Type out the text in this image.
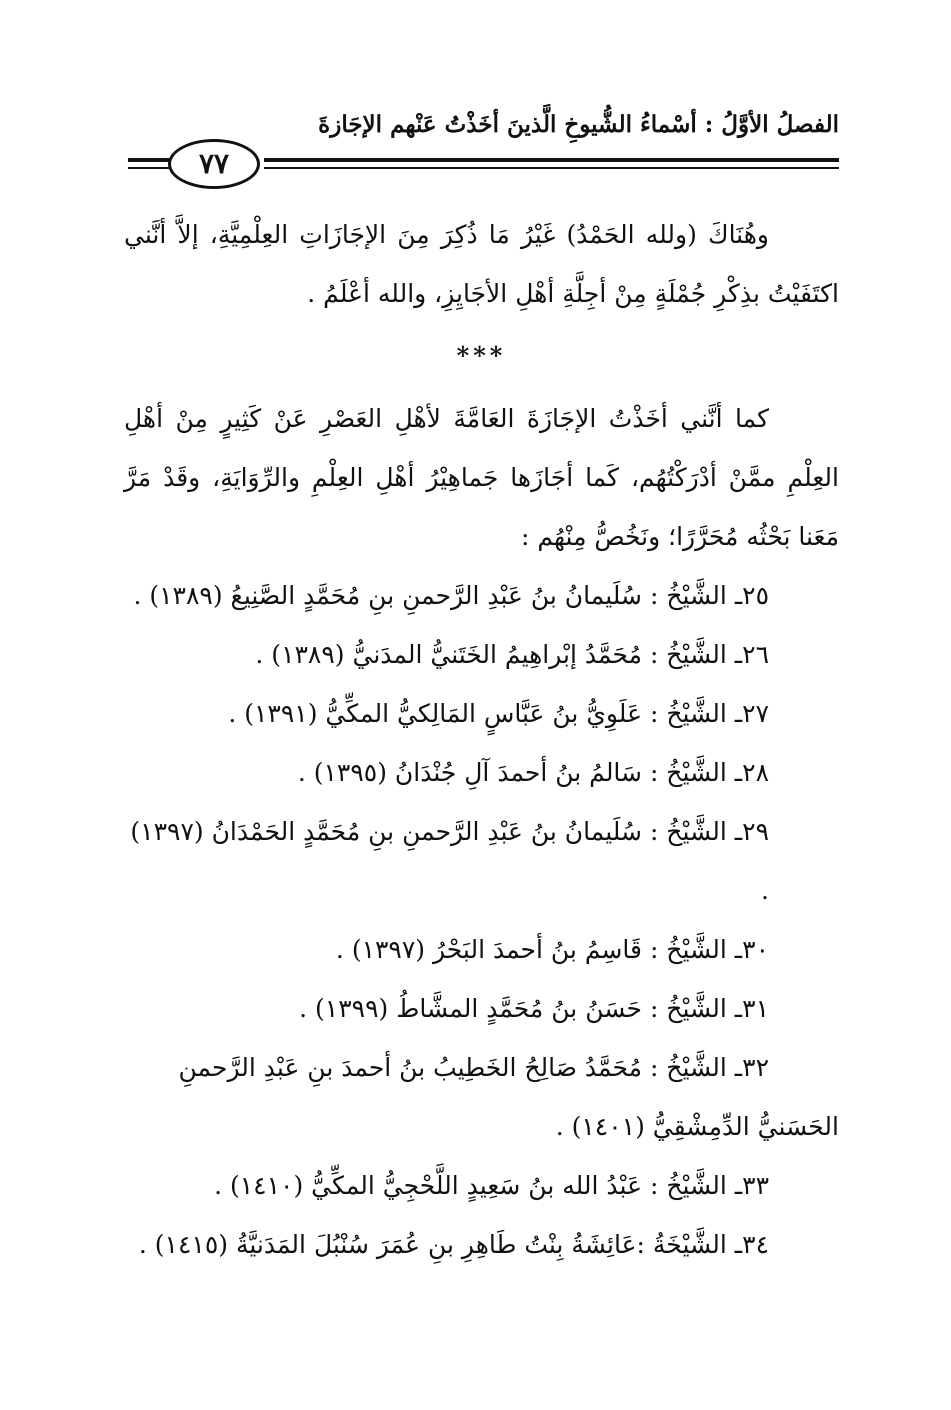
الفصلُ الأوَّلُ : أسْماءُ الشُّيوخِ الَّذينَ أخَذْتُ عَنْهم الإجَازةَ
٧٧

وهُنَاكَ (ولله الحَمْدُ) غَيْرُ مَا ذُكِرَ مِنَ الإجَازَاتِ العِلْمِيَّةِ، إلاَّ أنَّني اكتَفَيْتُ بذِكْرِ جُمْلَةٍ مِنْ أجِلَّةِ أهْلِ الأجَايِزِ، والله أعْلَمُ .

***

كما أنَّني أخَذْتُ الإجَازَةَ العَامَّةَ لأهْلِ العَصْرِ عَنْ كَثِيرٍ مِنْ أهْلِ العِلْمِ ممَّنْ أدْرَكْتُهُم، كَما أجَازَها جَماهِيْرُ أهْلِ العِلْمِ والرِّوَايَةِ، وقَدْ مَرَّ مَعَنا بَحْثُه مُحَرَّرًا؛ ونَخُصُّ مِنْهُم :

٢٥ـ الشَّيْخُ : سُلَيمانُ بنُ عَبْدِ الرَّحمنِ بنِ مُحَمَّدٍ الصَّنِيعُ (١٣٨٩) .
٢٦ـ الشَّيْخُ : مُحَمَّدُ إبْراهِيمُ الخَتَنيُّ المدَنيُّ (١٣٨٩) .
٢٧ـ الشَّيْخُ : عَلَوِيُّ بنُ عَبَّاسٍ المَالِكيُّ المكِّيُّ (١٣٩١) .
٢٨ـ الشَّيْخُ : سَالمُ بنُ أحمدَ آلِ جُنْدَانُ (١٣٩٥) .
٢٩ـ الشَّيْخُ : سُلَيمانُ بنُ عَبْدِ الرَّحمنِ بنِ مُحَمَّدٍ الحَمْدَانُ (١٣٩٧) .
٣٠ـ الشَّيْخُ : قَاسِمُ بنُ أحمدَ البَحْرُ (١٣٩٧) .
٣١ـ الشَّيْخُ : حَسَنُ بنُ مُحَمَّدٍ المشَّاطُ (١٣٩٩) .
٣٢ـ الشَّيْخُ : مُحَمَّدُ صَالِحُ الخَطِيبُ بنُ أحمدَ بنِ عَبْدِ الرَّحمنِ الحَسَنيُّ الدِّمِشْقِيُّ (١٤٠١) .
٣٣ـ الشَّيْخُ : عَبْدُ الله بنُ سَعِيدٍ اللَّحْجِيُّ المكِّيُّ (١٤١٠) .
٣٤ـ الشَّيْخَةُ :عَائِشَةُ بِنْتُ طَاهِرِ بنِ عُمَرَ سُنْبُلَ المَدَنيَّةُ (١٤١٥) .
